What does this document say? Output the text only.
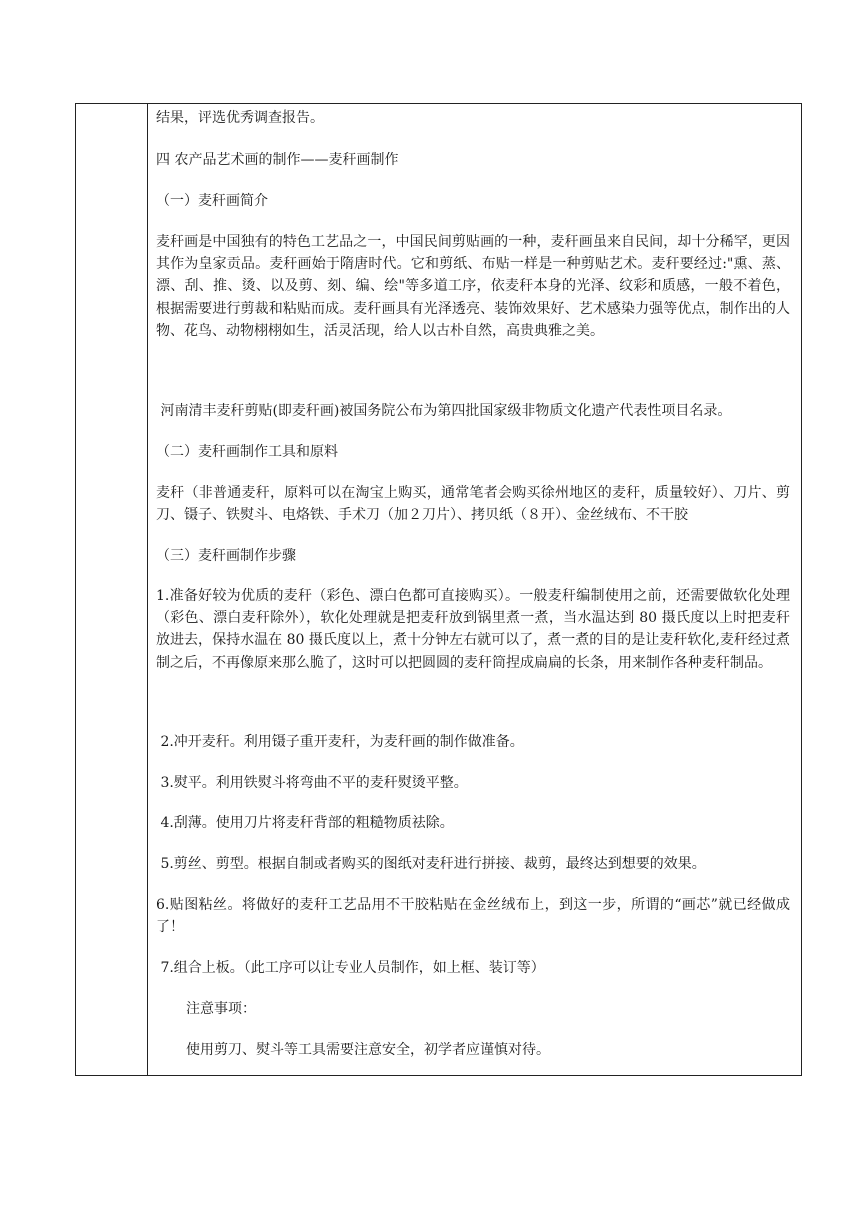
结果，评选优秀调查报告。
四 农产品艺术画的制作——麦秆画制作
（一）麦秆画简介
麦秆画是中国独有的特色工艺品之一，中国民间剪贴画的一种，麦秆画虽来自民间，却十分稀罕，更因其作为皇家贡品。麦秆画始于隋唐时代。它和剪纸、布贴一样是一种剪贴艺术。麦秆要经过:"熏、蒸、漂、刮、推、烫、以及剪、刻、编、绘"等多道工序，依麦秆本身的光泽、纹彩和质感，一般不着色，根据需要进行剪裁和粘贴而成。麦秆画具有光泽透亮、装饰效果好、艺术感染力强等优点，制作出的人物、花鸟、动物栩栩如生，活灵活现，给人以古朴自然，高贵典雅之美。
河南清丰麦秆剪贴(即麦秆画)被国务院公布为第四批国家级非物质文化遗产代表性项目名录。
（二）麦秆画制作工具和原料
麦秆（非普通麦秆，原料可以在淘宝上购买，通常笔者会购买徐州地区的麦秆，质量较好）、刀片、剪刀、镊子、铁熨斗、电烙铁、手术刀（加２刀片）、拷贝纸（８开）、金丝绒布、不干胶
（三）麦秆画制作步骤
1.准备好较为优质的麦秆（彩色、漂白色都可直接购买）。一般麦秆编制使用之前，还需要做软化处理（彩色、漂白麦秆除外），软化处理就是把麦秆放到锅里煮一煮，当水温达到 80 摄氏度以上时把麦秆放进去，保持水温在 80 摄氏度以上，煮十分钟左右就可以了，煮一煮的目的是让麦秆软化,麦秆经过煮制之后，不再像原来那么脆了，这时可以把圆圆的麦秆筒捏成扁扁的长条，用来制作各种麦秆制品。
2.冲开麦秆。利用镊子重开麦秆，为麦秆画的制作做准备。
3.熨平。利用铁熨斗将弯曲不平的麦秆熨烫平整。
4.刮薄。使用刀片将麦秆背部的粗糙物质祛除。
5.剪丝、剪型。根据自制或者购买的图纸对麦秆进行拼接、裁剪，最终达到想要的效果。
6.贴图粘丝。将做好的麦秆工艺品用不干胶粘贴在金丝绒布上，到这一步，所谓的“画芯”就已经做成了！
7.组合上板。（此工序可以让专业人员制作，如上框、装订等）
注意事项：
使用剪刀、熨斗等工具需要注意安全，初学者应谨慎对待。
